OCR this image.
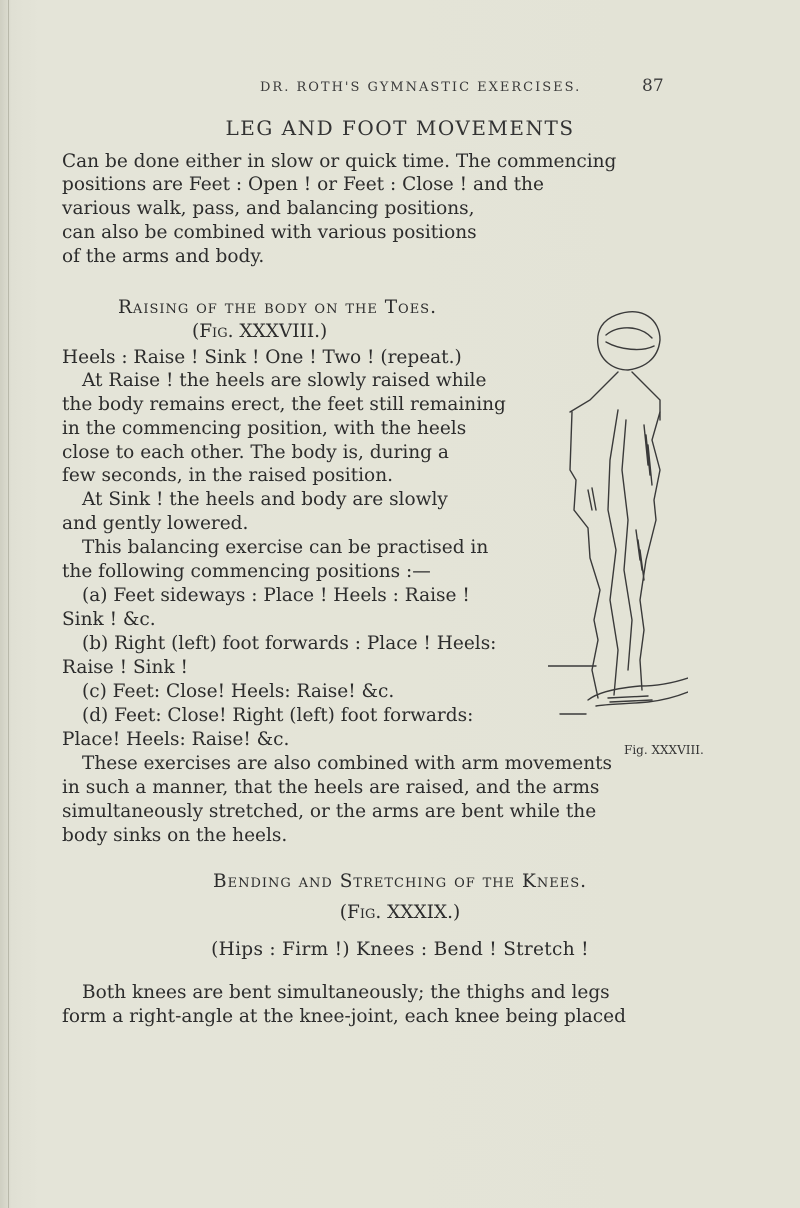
DR. ROTH'S GYMNASTIC EXERCISES.	87
LEG AND FOOT MOVEMENTS
Can be done either in slow or quick time. The commencing
positions are Feet : Open ! or Feet : Close ! and the
various walk, pass, and balancing positions,
can also be combined with various positions
of the arms and body.
Raising of the body on the Toes.
(Fig. XXXVIII.)
Heels : Raise ! Sink ! One ! Two ! (repeat.)
At Raise ! the heels are slowly raised while
the body remains erect, the feet still remaining
in the commencing position, with the heels
close to each other. The body is, during a
few seconds, in the raised position.
At Sink ! the heels and body are slowly
and gently lowered.
This balancing exercise can be practised in
the following commencing positions :—
(a) Feet sideways : Place ! Heels : Raise !
Sink ! &c.
(b) Right (left) foot forwards : Place ! Heels:
Raise ! Sink !
(c) Feet: Close! Heels: Raise! &c.
(d) Feet: Close! Right (left) foot forwards:
Place! Heels: Raise! &c.	Fig. XXXVIII.
These exercises are also combined with arm movements
in such a manner, that the heels are raised, and the arms
simultaneously stretched, or the arms are bent while the
body sinks on the heels.
Bending and Stretching of the Knees.
(Fig. XXXIX.)
(Hips : Firm !) Knees : Bend ! Stretch !
Both knees are bent simultaneously; the thighs and legs
form a right-angle at the knee-joint, each knee being placed
